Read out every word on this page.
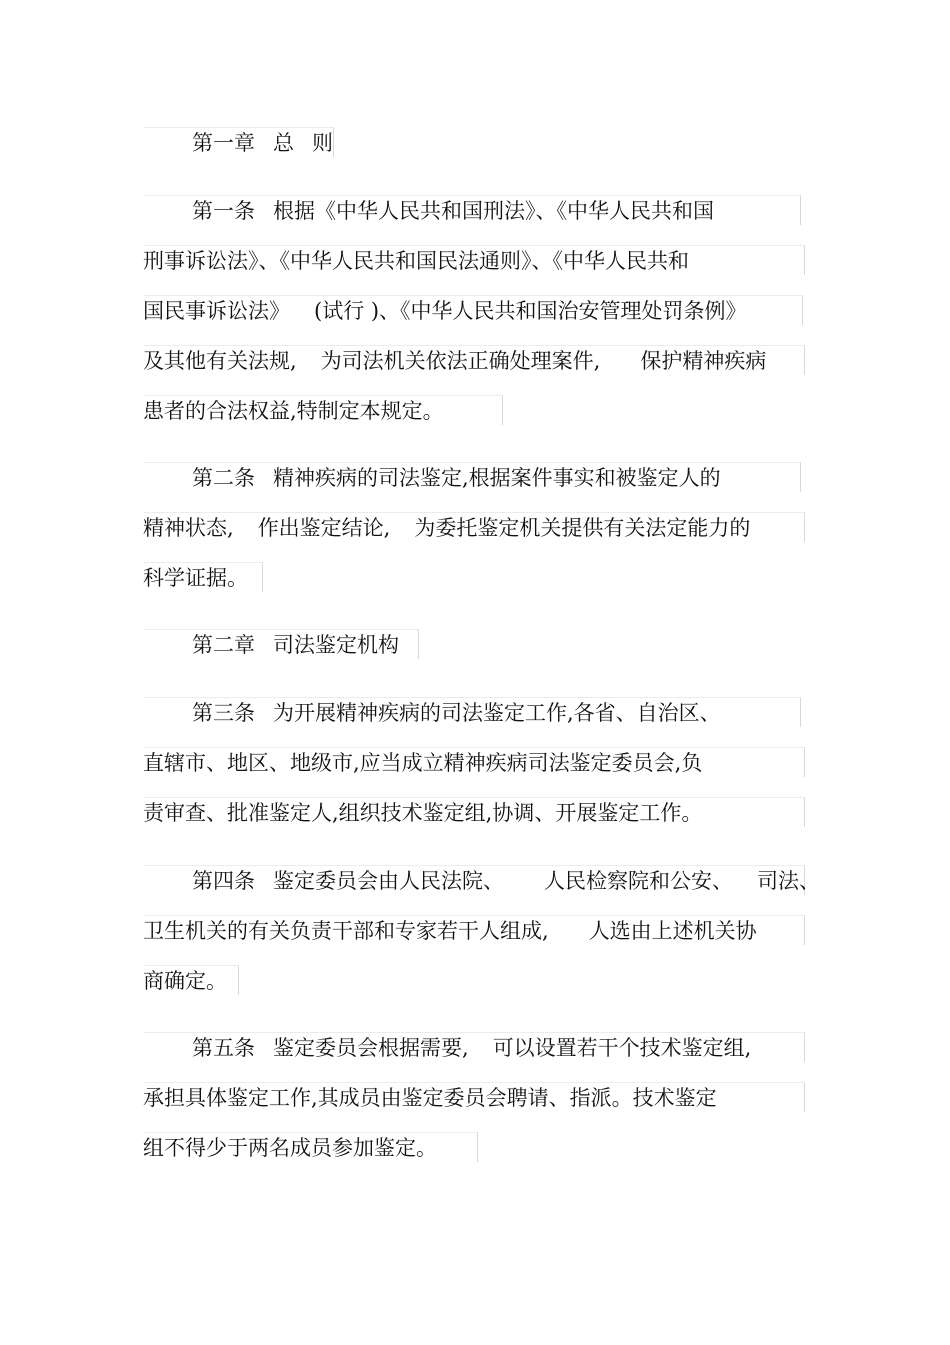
第一章 总 则
第一条 根据《中华人民共和国刑法》、《中华人民共和国
刑事诉讼法》、《中华人民共和国民法通则》、《中华人民共和
国民事诉讼法》 (试行 )、《中华人民共和国治安管理处罚条例》
及其他有关法规, 为司法机关依法正确处理案件, 保护精神疾病
患者的合法权益,特制定本规定。
第二条 精神疾病的司法鉴定,根据案件事实和被鉴定人的
精神状态, 作出鉴定结论, 为委托鉴定机关提供有关法定能力的
科学证据。
第二章 司法鉴定机构
第三条 为开展精神疾病的司法鉴定工作,各省、自治区、
直辖市、地区、地级市,应当成立精神疾病司法鉴定委员会,负
责审查、批准鉴定人,组织技术鉴定组,协调、开展鉴定工作。
第四条 鉴定委员会由人民法院、 人民检察院和公安、 司法、
卫生机关的有关负责干部和专家若干人组成, 人选由上述机关协
商确定。
第五条 鉴定委员会根据需要, 可以设置若干个技术鉴定组,
承担具体鉴定工作,其成员由鉴定委员会聘请、指派。技术鉴定
组不得少于两名成员参加鉴定。
